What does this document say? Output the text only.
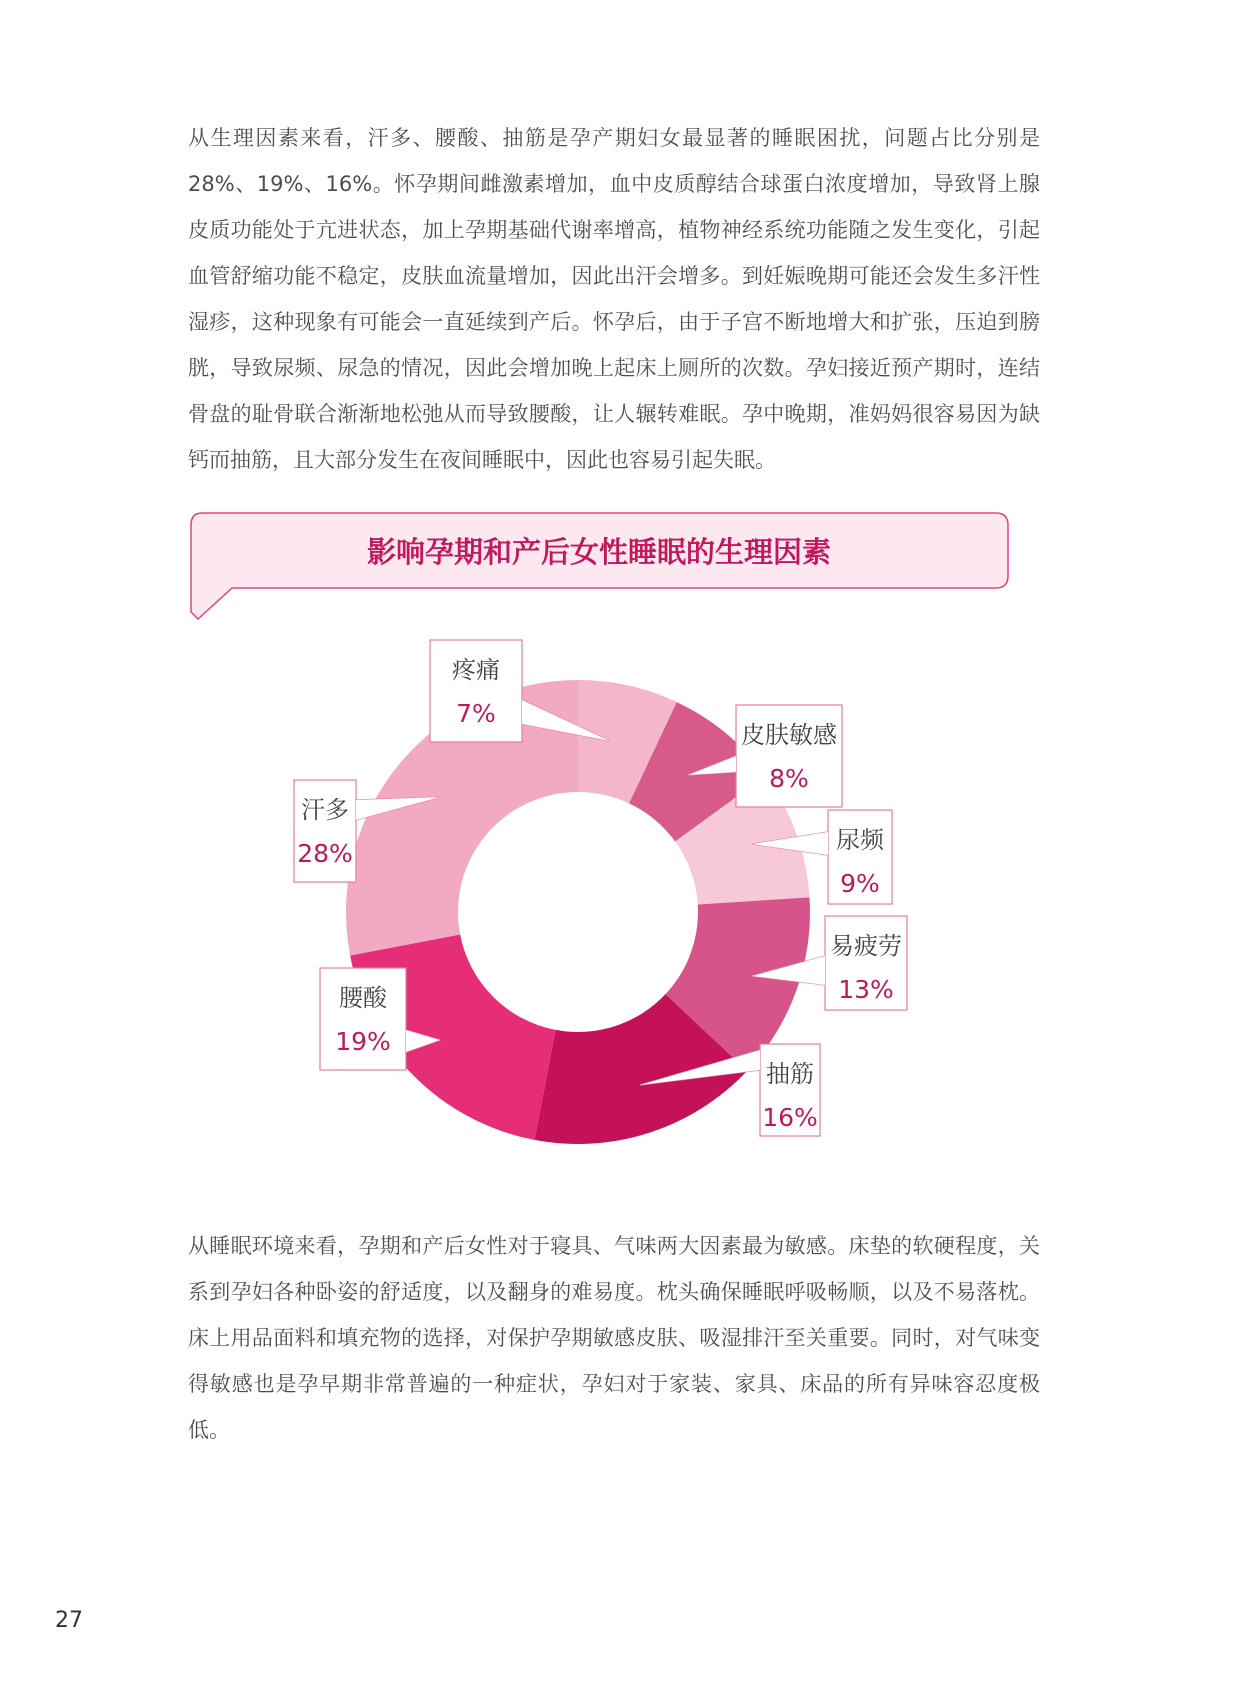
从生理因素来看，汗多、腰酸、抽筋是孕产期妇女最显著的睡眠困扰，问题占比分别是28%、19%、16%。怀孕期间雌激素增加，血中皮质醇结合球蛋白浓度增加，导致肾上腺皮质功能处于亢进状态，加上孕期基础代谢率增高，植物神经系统功能随之发生变化，引起血管舒缩功能不稳定，皮肤血流量增加，因此出汗会增多。到妊娠晚期可能还会发生多汗性湿疹，这种现象有可能会一直延续到产后。怀孕后，由于子宫不断地增大和扩张，压迫到膀胱，导致尿频、尿急的情况，因此会增加晚上起床上厕所的次数。孕妇接近预产期时，连结骨盘的耻骨联合渐渐地松弛从而导致腰酸，让人辗转难眠。孕中晚期，准妈妈很容易因为缺钙而抽筋，且大部分发生在夜间睡眠中，因此也容易引起失眠。

影响孕期和产后女性睡眠的生理因素
疼痛
7%
皮肤敏感
8%
尿频
9%
易疲劳
13%
抽筋
16%
腰酸
19%
汗多
28%

从睡眠环境来看，孕期和产后女性对于寝具、气味两大因素最为敏感。床垫的软硬程度，关系到孕妇各种卧姿的舒适度，以及翻身的难易度。枕头确保睡眠呼吸畅顺，以及不易落枕。床上用品面料和填充物的选择，对保护孕期敏感皮肤、吸湿排汗至关重要。同时，对气味变得敏感也是孕早期非常普遍的一种症状，孕妇对于家装、家具、床品的所有异味容忍度极低。

27
